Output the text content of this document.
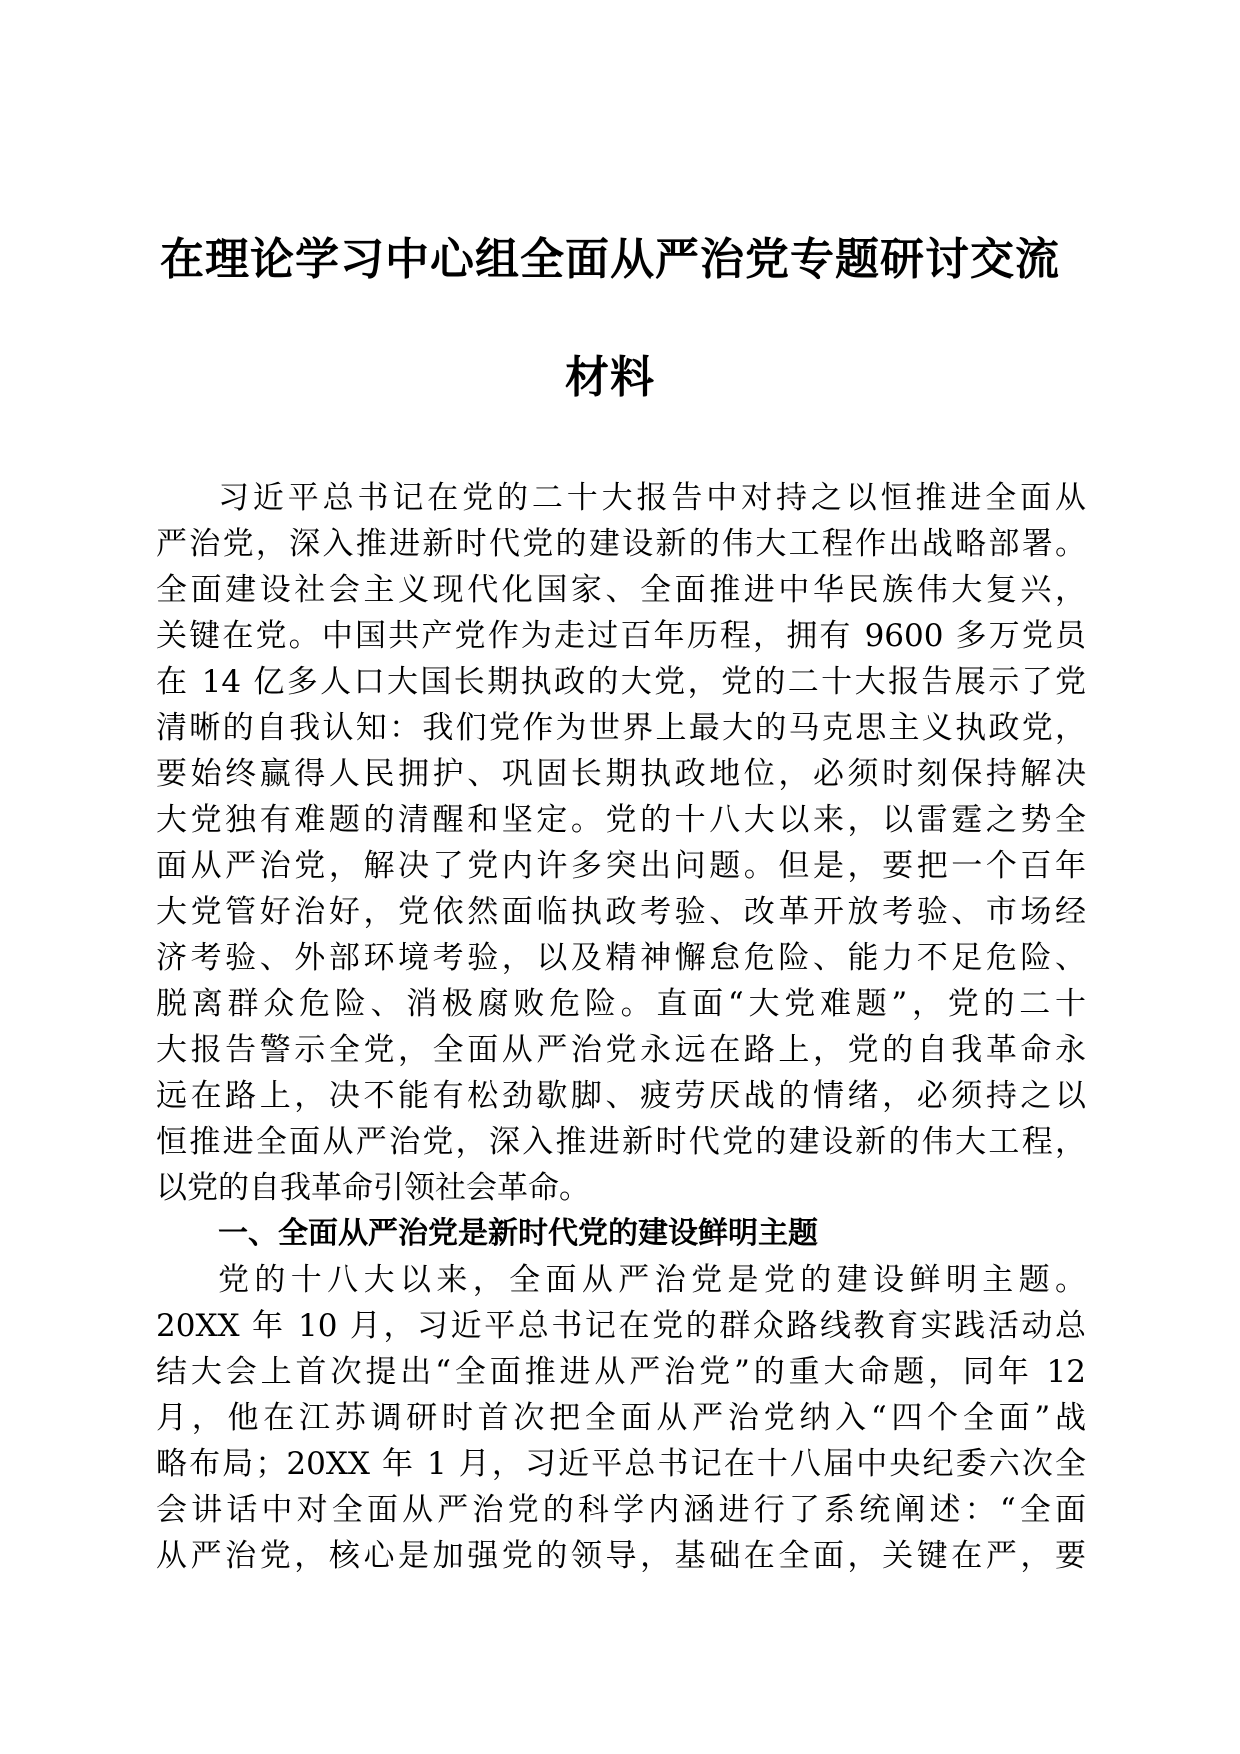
在理论学习中心组全面从严治党专题研讨交流
材料
习近平总书记在党的二十大报告中对持之以恒推进全面从
严治党，深入推进新时代党的建设新的伟大工程作出战略部署。
全面建设社会主义现代化国家、全面推进中华民族伟大复兴，
关键在党。中国共产党作为走过百年历程，拥有 9600 多万党员
在 14 亿多人口大国长期执政的大党，党的二十大报告展示了党
清晰的自我认知：我们党作为世界上最大的马克思主义执政党，
要始终赢得人民拥护、巩固长期执政地位，必须时刻保持解决
大党独有难题的清醒和坚定。党的十八大以来，以雷霆之势全
面从严治党，解决了党内许多突出问题。但是，要把一个百年
大党管好治好，党依然面临执政考验、改革开放考验、市场经
济考验、外部环境考验，以及精神懈怠危险、能力不足危险、
脱离群众危险、消极腐败危险。直面“大党难题”，党的二十
大报告警示全党，全面从严治党永远在路上，党的自我革命永
远在路上，决不能有松劲歇脚、疲劳厌战的情绪，必须持之以
恒推进全面从严治党，深入推进新时代党的建设新的伟大工程，
以党的自我革命引领社会革命。
一、全面从严治党是新时代党的建设鲜明主题
党的十八大以来，全面从严治党是党的建设鲜明主题。
20XX 年 10 月，习近平总书记在党的群众路线教育实践活动总
结大会上首次提出“全面推进从严治党”的重大命题，同年 12
月，他在江苏调研时首次把全面从严治党纳入“四个全面”战
略布局；20XX 年 1 月，习近平总书记在十八届中央纪委六次全
会讲话中对全面从严治党的科学内涵进行了系统阐述：“全面
从严治党，核心是加强党的领导，基础在全面，关键在严，要
